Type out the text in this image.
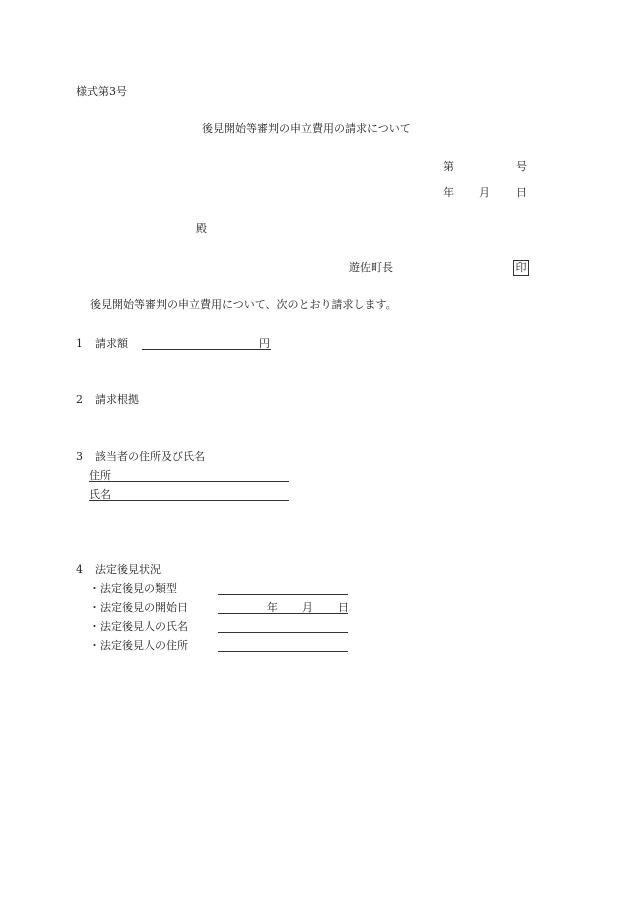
様式第3号
後見開始等審判の申立費用の請求について
第	号
年 月 日
殿
遊佐町長	印
後見開始等審判の申立費用について、次のとおり請求します。
1 請求額	円
2 請求根拠
3 該当者の住所及び氏名
住所
氏名
4 法定後見状況
・法定後見の類型
・法定後見の開始日	年 月 日
・法定後見人の氏名
・法定後見人の住所
